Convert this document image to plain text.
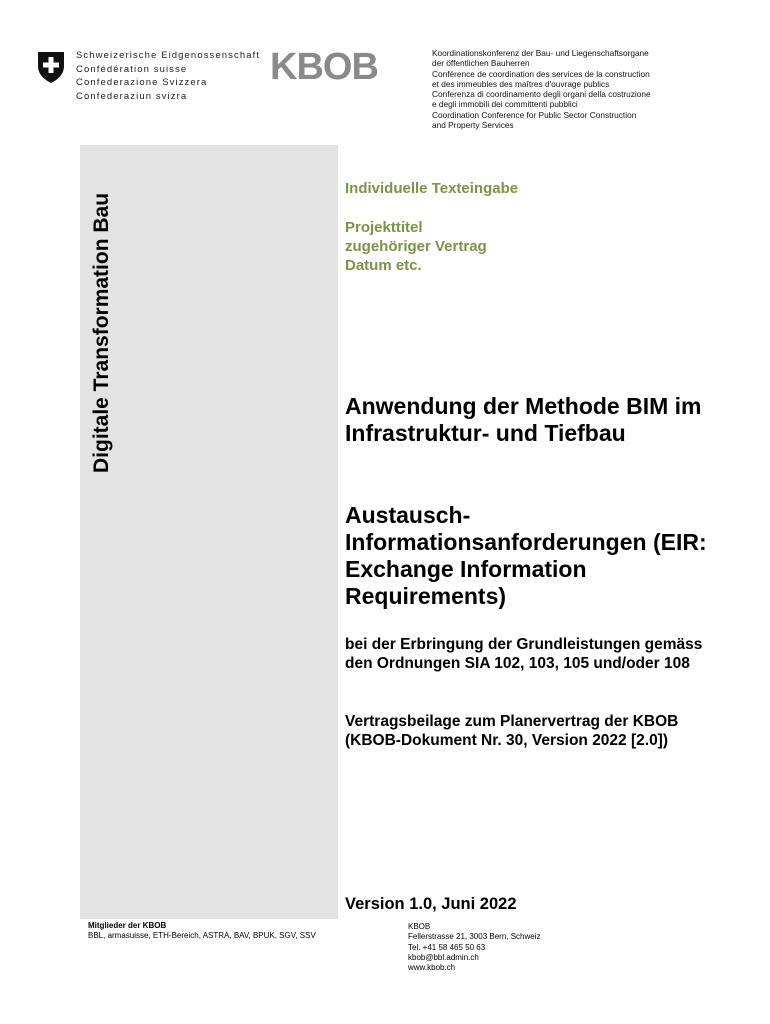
Schweizerische Eidgenossenschaft
Confédération suisse
Confederazione Svizzera
Confederaziun svizra
KBOB	Koordinationskonferenz der Bau- und Liegenschaftsorgane
der öffentlichen Bauherren
Conférence de coordination des services de la construction
et des immeubles des maîtres d'ouvrage publics
Conferenza di coordinamento degli organi della costruzione
e degli immobili dei committenti pubblici
Coordination Conference for Public Sector Construction
and Property Services
Digitale Transformation Bau
Individuelle Texteingabe
Projekttitel
zugehöriger Vertrag
Datum etc.
Anwendung der Methode BIM im Infrastruktur- und Tiefbau
Austausch-Informationsanforderungen (EIR: Exchange Information Requirements)
bei der Erbringung der Grundleistungen gemäss den Ordnungen SIA 102, 103, 105 und/oder 108
Vertragsbeilage zum Planervertrag der KBOB (KBOB-Dokument Nr. 30, Version 2022 [2.0])
Version 1.0, Juni 2022
Mitglieder der KBOB
BBL, armasuisse, ETH-Bereich, ASTRA, BAV, BPUK, SGV, SSV
KBOB
Fellerstrasse 21, 3003 Bern, Schweiz
Tel. +41 58 465 50 63
kbob@bbl.admin.ch
www.kbob.ch
